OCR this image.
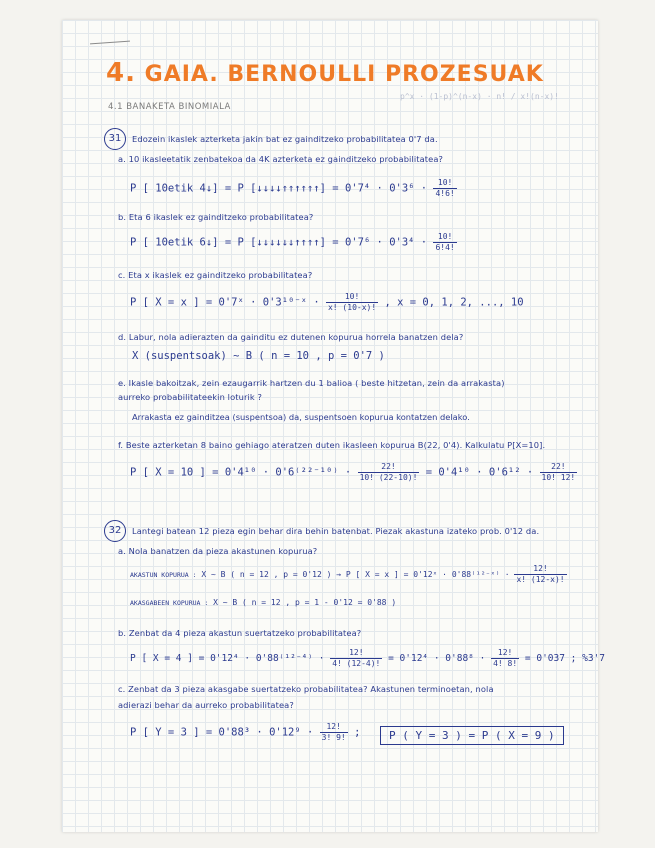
4. GAIA. BERNOULLI PROZESUAK
4.1 BANAKETA BINOMIALA
p^x · (1-p)^(n-x) · n! / x!(n-x)!
31	Edozein ikaslek azterketa jakin bat ez gainditzeko probabilitatea 0'7 da.
a. 10 ikasleetatik zenbatekoa da 4K azterketa ez gainditzeko probabilitatea?
P [ 10etik 4↓] = P [↓↓↓↓↑↑↑↑↑↑] = $0'7^4 \cdot 0'3^6 \cdot \frac{10!}{4!6!}$
b. Eta 6 ikaslek ez gainditzeko probabilitatea?
P [ 10etik 6↓] = P [↓↓↓↓↓↓↑↑↑↑] = $0'7^6 \cdot 0'3^4 \cdot \frac{10!}{6!4!}$
c. Eta x ikaslek ez gainditzeko probabilitatea?
P [ X = x ] = 0'7ˣ · 0'3¹⁰⁻ˣ · $\frac{10!}{x! (10-x)!}$ , x = 0, 1, 2, ..., 10
d. Labur, nola adierazten da gainditu ez dutenen kopurua horrela banatzen dela?
X (suspentsoak) ~ B ( n = 10 , p = 0'7 )
e. Ikasle bakoitzak, zein ezaugarrik hartzen du 1 balioa ( beste hitzetan, zein da arrakasta)
aurreko probabilitateekin loturik ?
Arrakasta ez gainditzea (suspentsoa) da, suspentsoen kopurua kontatzen delako.
f. Beste azterketan 8 baino gehiago ateratzen duten ikasleen kopurua B(22, 0'4). Kalkulatu P[X=10].
P [ X = 10 ] = $0'4^{10} \cdot 0'6^{(22-10)} \cdot \frac{22!}{10! (22-10)!} = 0'4^{10} \cdot 0'6^{12} \cdot \frac{22!}{10! 12!}$
32	Lantegi batean 12 pieza egin behar dira behin batenbat. Piezak akastuna izateko prob. 0'12 da.
a. Nola banatzen da pieza akastunen kopurua?
AKASTUN KOPURUA : X ~ B ( n = 12 , p = 0'12 ) → P [ X = x ] = 0'12ˣ · 0'88⁽¹²⁻ˣ⁾ · $\frac{12!}{x! (12-x)!}$
AKASGABEEN KOPURUA : X ~ B ( n = 12 , p = 1 - 0'12 = 0'88 )
b. Zenbat da 4 pieza akastun suertatzeko probabilitatea?
P [ X = 4 ] = $0'12^4 \cdot 0'88^{(12-4)} \cdot \frac{12!}{4! (12-4)!} = 0'12^4 \cdot 0'88^8 \cdot \frac{12!}{4! 8!} = 0'037$ ; %3'7
c. Zenbat da 3 pieza akasgabe suertatzeko probabilitatea? Akastunen terminoetan, nola
adierazi behar da aurreko probabilitatea?
P [ Y = 3 ] = $0'88^3 \cdot 0'12^9 \cdot \frac{12!}{3! 9!}$ ;	P ( Y = 3 ) = P ( X = 9 )
